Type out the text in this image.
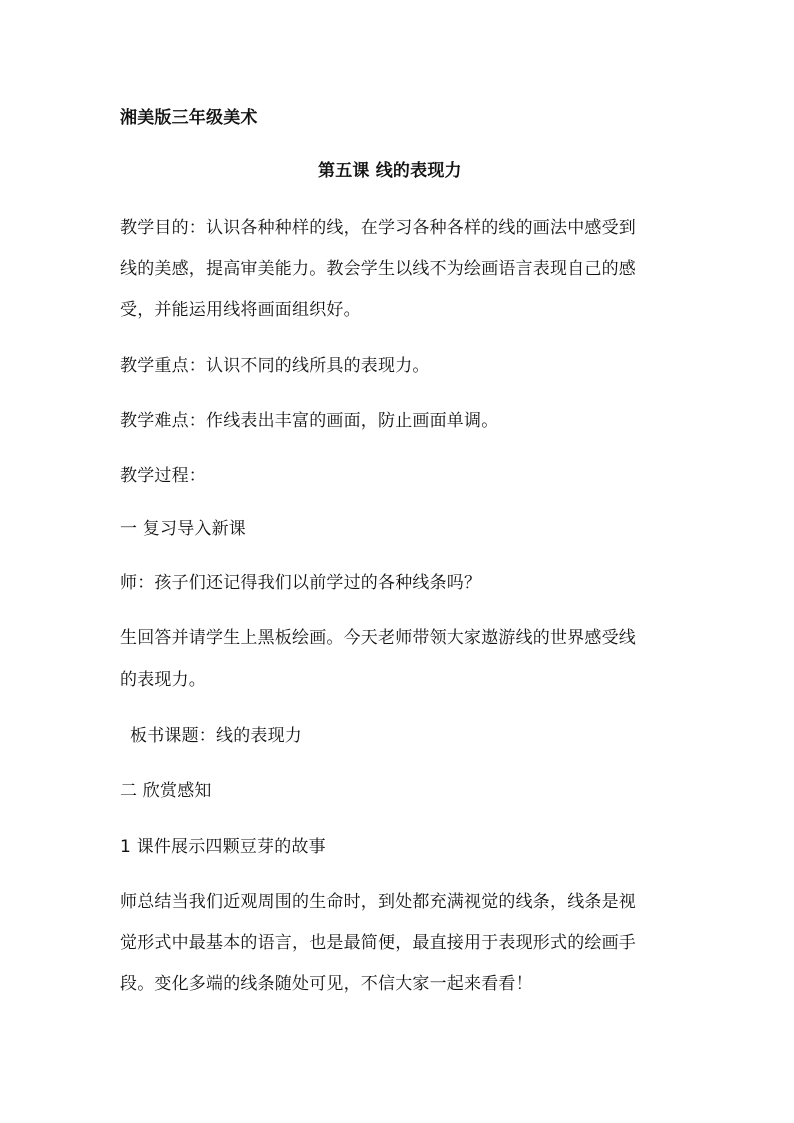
湘美版三年级美术
第五课 线的表现力
教学目的：认识各种种样的线，在学习各种各样的线的画法中感受到
线的美感，提高审美能力。教会学生以线不为绘画语言表现自己的感
受，并能运用线将画面组织好。
教学重点：认识不同的线所具的表现力。
教学难点：作线表出丰富的画面，防止画面单调。
教学过程：
一 复习导入新课
师：孩子们还记得我们以前学过的各种线条吗？
生回答并请学生上黑板绘画。今天老师带领大家遨游线的世界感受线
的表现力。
板书课题：线的表现力
二 欣赏感知
1 课件展示四颗豆芽的故事
师总结当我们近观周围的生命时，到处都充满视觉的线条，线条是视
觉形式中最基本的语言，也是最简便，最直接用于表现形式的绘画手
段。变化多端的线条随处可见，不信大家一起来看看！
